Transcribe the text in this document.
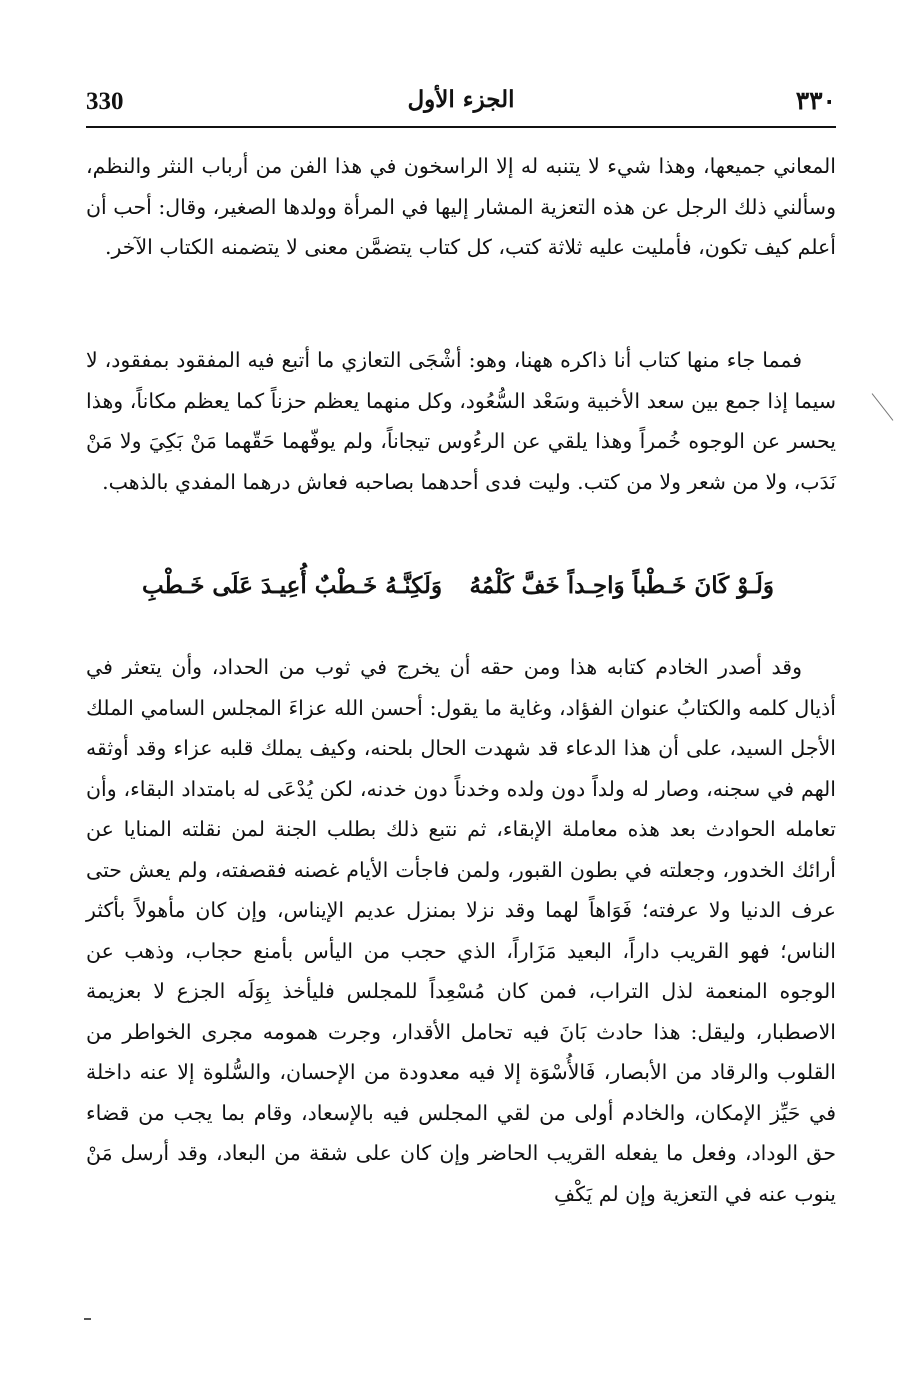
330	الجزء الأول	٣٣٠

المعاني جميعها، وهذا شيء لا يتنبه له إلا الراسخون في هذا الفن من أرباب النثر والنظم، وسألني ذلك الرجل عن هذه التعزية المشار إليها في المرأة وولدها الصغير، وقال: أحب أن أعلم كيف تكون، فأمليت عليه ثلاثة كتب، كل كتاب يتضمَّن معنى لا يتضمنه الكتاب الآخر.

فمما جاء منها كتاب أنا ذاكره ههنا، وهو: أشْجَى التعازي ما أتبع فيه المفقود بمفقود، لا سيما إذا جمع بين سعد الأخبية وسَعْد السُّعُود، وكل منهما يعظم حزناً كما يعظم مكاناً، وهذا يحسر عن الوجوه خُمراً وهذا يلقي عن الرءُوس تيجاناً، ولم يوفّهما حَقّهما مَنْ بَكِيَ ولا مَنْ نَدَب، ولا من شعر ولا من كتب. وليت فدى أحدهما بصاحبه فعاش درهما المفدي بالذهب.

وَلَـوْ كَانَ خَـطْباً وَاحِـداً خَفَّ كَلْمُهُ
وَلَكِنَّـهُ خَـطْبٌ أُعِيـدَ عَلَى خَـطْبِ

وقد أصدر الخادم كتابه هذا ومن حقه أن يخرج في ثوب من الحداد، وأن يتعثر في أذيال كلمه والكتابُ عنوان الفؤاد، وغاية ما يقول: أحسن الله عزاءَ المجلس السامي الملك الأجل السيد، على أن هذا الدعاء قد شهدت الحال بلحنه، وكيف يملك قلبه عزاء وقد أوثقه الهم في سجنه، وصار له ولداً دون ولده وخدناً دون خدنه، لكن يُدْعَى له بامتداد البقاء، وأن تعامله الحوادث بعد هذه معاملة الإبقاء، ثم نتبع ذلك بطلب الجنة لمن نقلته المنايا عن أرائك الخدور، وجعلته في بطون القبور، ولمن فاجأت الأيام غصنه فقصفته، ولم يعش حتى عرف الدنيا ولا عرفته؛ فَوَاهاً لهما وقد نزلا بمنزل عديم الإيناس، وإن كان مأهولاً بأكثر الناس؛ فهو القريب داراً، البعيد مَزَاراً، الذي حجب من اليأس بأمنع حجاب، وذهب عن الوجوه المنعمة لذل التراب، فمن كان مُسْعِداً للمجلس فليأخذ بِوَلَه الجزع لا بعزيمة الاصطبار، وليقل: هذا حادث بَانَ فيه تحامل الأقدار، وجرت همومه مجرى الخواطر من القلوب والرقاد من الأبصار، فَالأُسْوَة إلا فيه معدودة من الإحسان، والسُّلوة إلا عنه داخلة في حَيِّز الإمكان، والخادم أولى من لقي المجلس فيه بالإسعاد، وقام بما يجب من قضاء حق الوداد، وفعل ما يفعله القريب الحاضر وإن كان على شقة من البعاد، وقد أرسل مَنْ ينوب عنه في التعزية وإن لم يَكْفِ
